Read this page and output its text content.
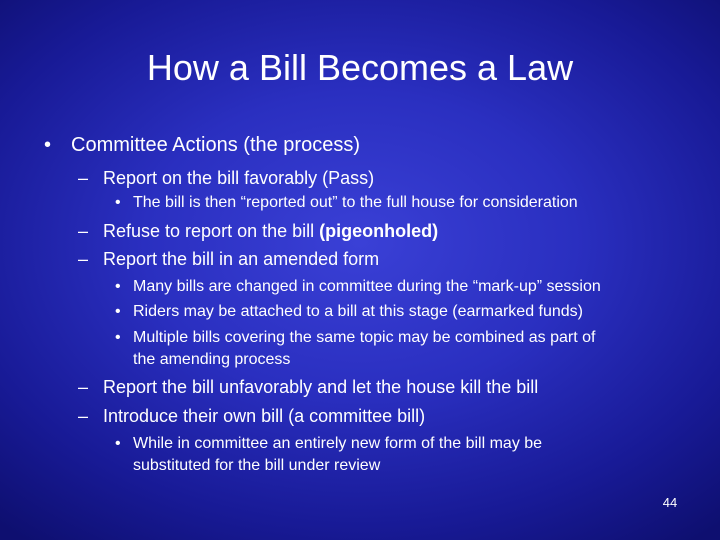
How a Bill Becomes a Law
• Committee Actions (the process)
– Report on the bill favorably (Pass)
• The bill is then “reported out” to the full house for consideration
– Refuse to report on the bill (pigeonholed)
– Report the bill in an amended form
• Many bills are changed in committee during the “mark-up” session
• Riders may be attached to a bill at this stage (earmarked funds)
• Multiple bills covering the same topic may be combined as part of
the amending process
– Report the bill unfavorably and let the house kill the bill
– Introduce their own bill (a committee bill)
• While in committee an entirely new form of the bill may be
substituted for the bill under review
44
